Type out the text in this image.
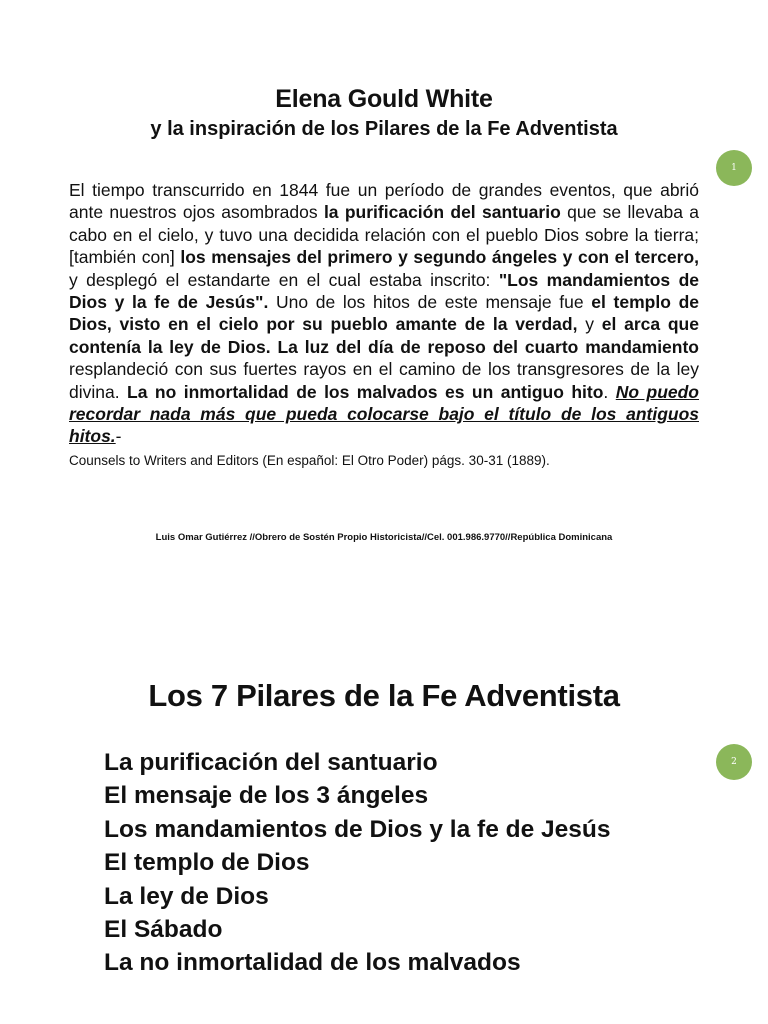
1
Elena Gould White
y la inspiración de los Pilares de la Fe Adventista

El tiempo transcurrido en 1844 fue un período de grandes eventos, que abrió ante nuestros ojos asombrados la purificación del santuario que se llevaba a cabo en el cielo, y tuvo una decidida relación con el pueblo Dios sobre la tierra; [también con] los mensajes del primero y segundo ángeles y con el tercero, y desplegó el estandarte en el cual estaba inscrito: "Los mandamientos de Dios y la fe de Jesús". Uno de los hitos de este mensaje fue el templo de Dios, visto en el cielo por su pueblo amante de la verdad, y el arca que contenía la ley de Dios. La luz del día de reposo del cuarto mandamiento resplandeció con sus fuertes rayos en el camino de los transgresores de la ley divina. La no inmortalidad de los malvados es un antiguo hito. No puedo recordar nada más que pueda colocarse bajo el título de los antiguos hitos.-
Counsels to Writers and Editors (En español: El Otro Poder) págs. 30-31 (1889).

Luis Omar Gutiérrez //Obrero de Sostén Propio Historicista//Cel. 001.986.9770//República Dominicana

2
Los 7 Pilares de la Fe Adventista
La purificación del santuario
El mensaje de los 3 ángeles
Los mandamientos de Dios y la fe de Jesús
El templo de Dios
La ley de Dios
El Sábado
La no inmortalidad de los malvados
